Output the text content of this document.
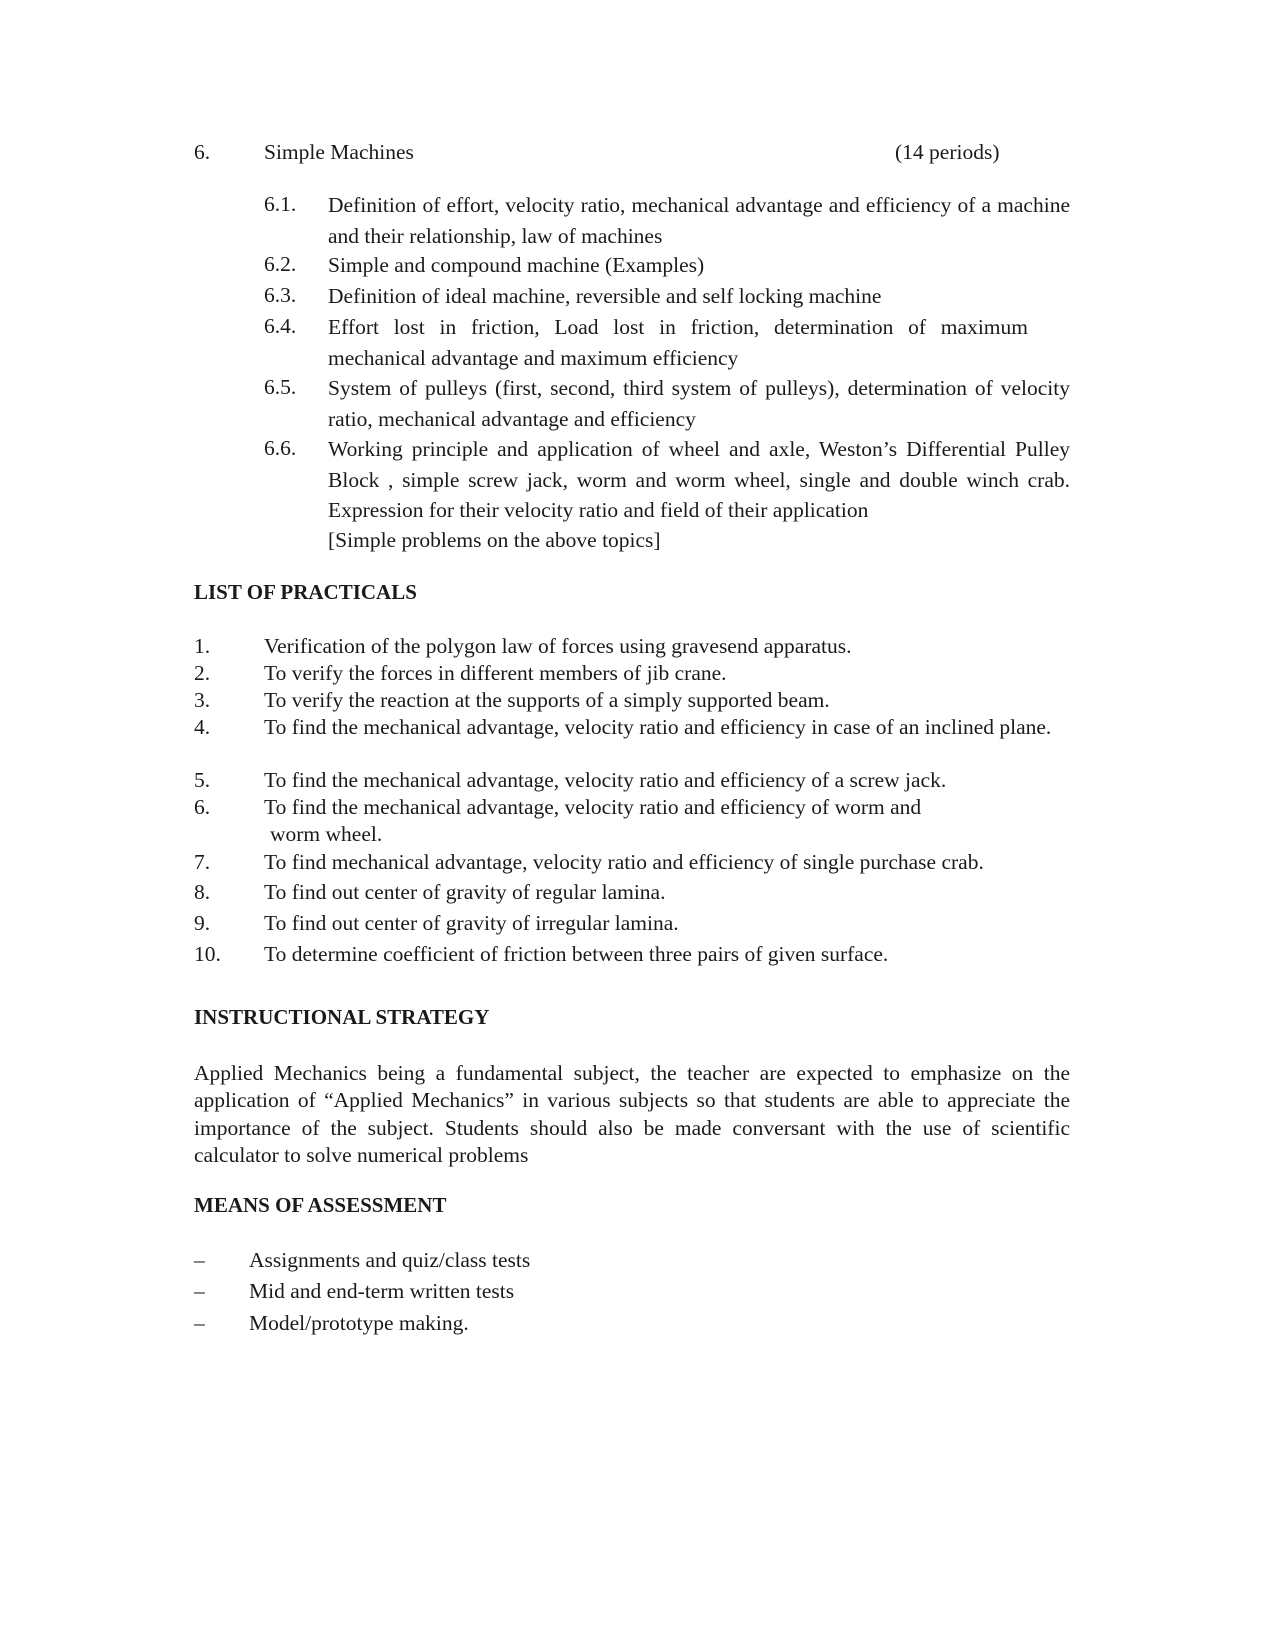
6.	Simple Machines	(14 periods)
6.1. Definition of effort, velocity ratio, mechanical advantage and efficiency of a machine and their relationship, law of machines
6.2. Simple and compound machine (Examples)
6.3. Definition of ideal machine, reversible and self locking machine
6.4. Effort lost in friction, Load lost in friction, determination of maximum mechanical advantage and maximum efficiency
6.5. System of pulleys (first, second, third system of pulleys), determination of velocity ratio, mechanical advantage and efficiency
6.6. Working principle and application of wheel and axle, Weston’s Differential Pulley Block , simple screw jack, worm and worm wheel, single and double winch crab. Expression for their velocity ratio and field of their application
[Simple problems on the above topics]
LIST OF PRACTICALS
1.	Verification of the polygon law of forces using gravesend apparatus.
2.	To verify the forces in different members of jib crane.
3.	To verify the reaction at the supports of a simply supported beam.
4.	To find the mechanical advantage, velocity ratio and efficiency in case of an inclined plane.
5.	To find the mechanical advantage, velocity ratio and efficiency of a screw jack.
6.	To find the mechanical advantage, velocity ratio and efficiency of worm and
worm wheel.
7.	To find mechanical advantage, velocity ratio and efficiency of single purchase crab.
8.	To find out center of gravity of regular lamina.
9.	To find out center of gravity of irregular lamina.
10. To determine coefficient of friction between three pairs of given surface.
INSTRUCTIONAL STRATEGY

Applied Mechanics being a fundamental subject, the teacher are expected to emphasize on the application of “Applied Mechanics” in various subjects so that students are able to appreciate the importance of the subject. Students should also be made conversant with the use of scientific calculator to solve numerical problems

MEANS OF ASSESSMENT
– Assignments and quiz/class tests
– Mid and end-term written tests
– Model/prototype making.
